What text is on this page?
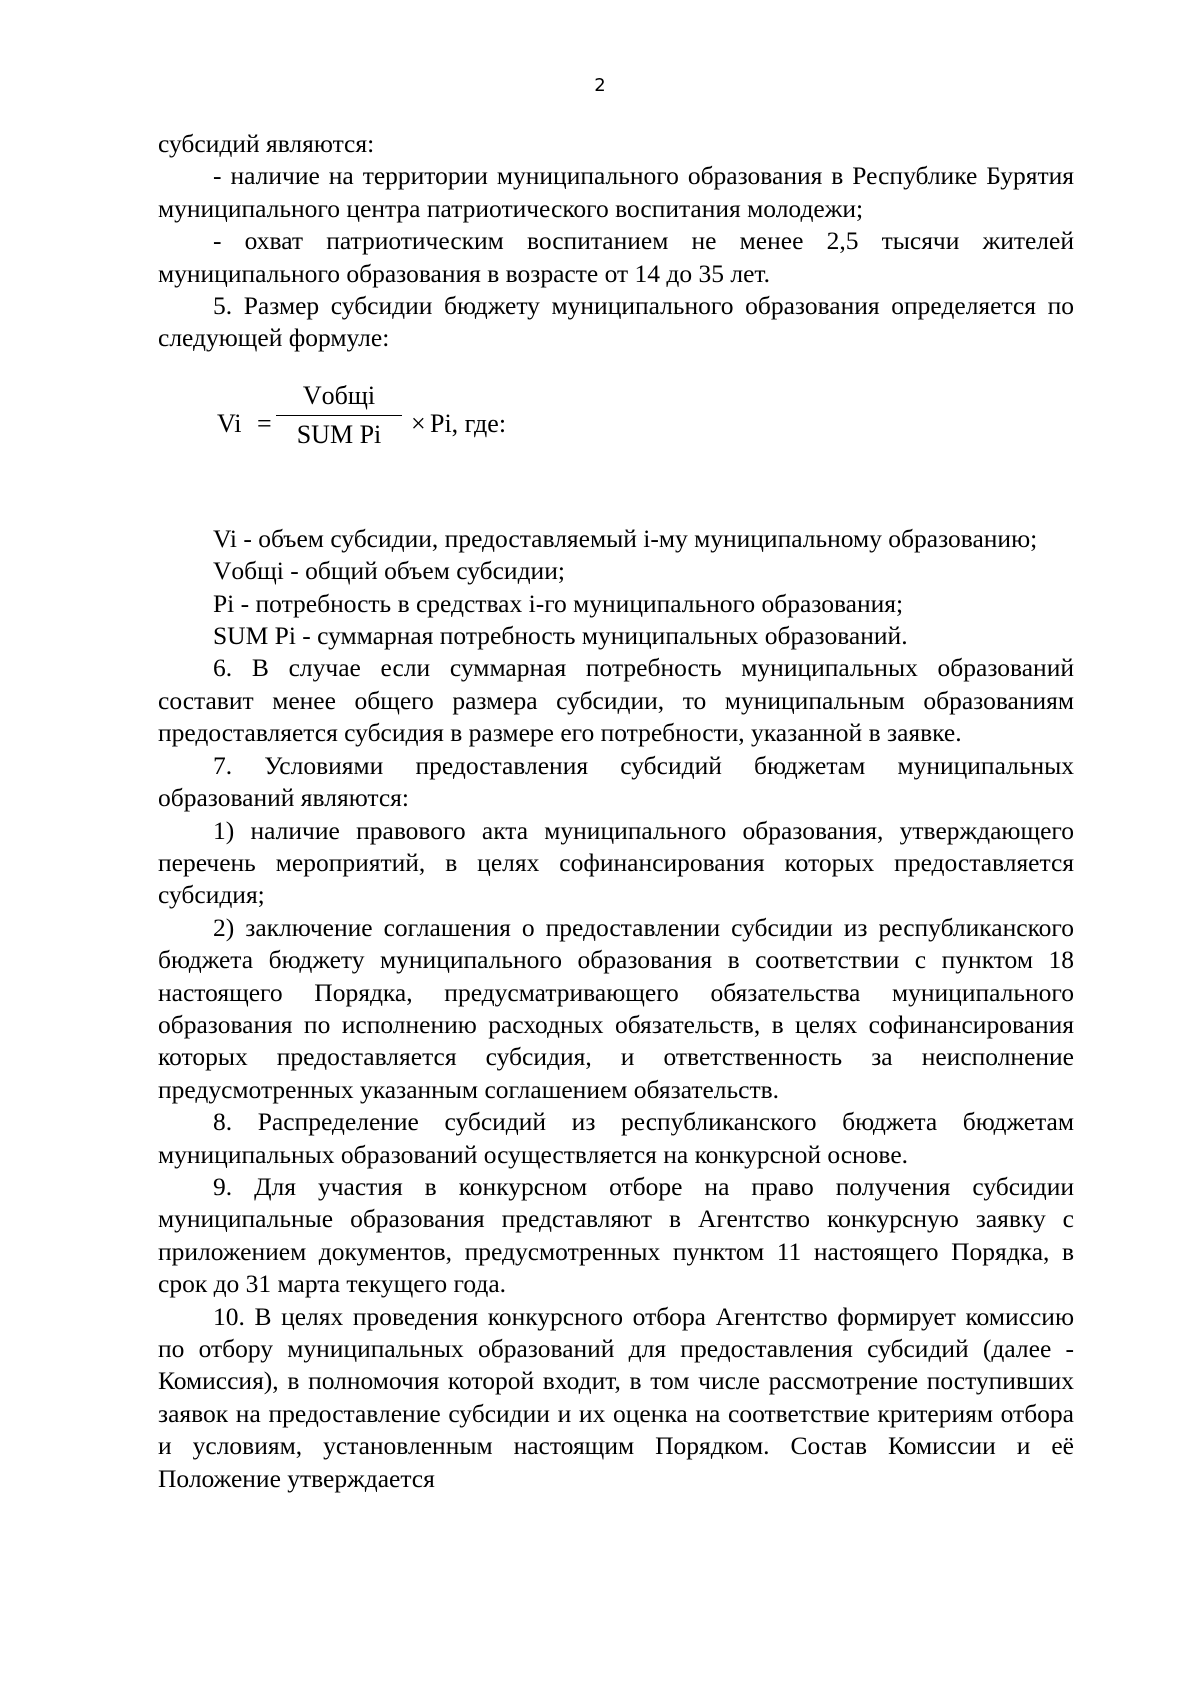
2

субсидий являются:

- наличие на территории муниципального образования в Республике Бурятия муниципального центра патриотического воспитания молодежи;

- охват патриотическим воспитанием не менее 2,5 тысячи жителей муниципального образования в возрасте от 14 до 35 лет.

5. Размер субсидии бюджету муниципального образования определяется по следующей формуле:

Vi =
Vобщi
SUM Pi	× Pi, где:

Vi - объем субсидии, предоставляемый i-му муниципальному образованию;

Vобщi - общий объем субсидии;

Pi - потребность в средствах i-го муниципального образования;

SUM Pi - суммарная потребность муниципальных образований.

6. В случае если суммарная потребность муниципальных образований составит менее общего размера субсидии, то муниципальным образованиям предоставляется субсидия в размере его потребности, указанной в заявке.

7. Условиями предоставления субсидий бюджетам муниципальных образований являются:

1) наличие правового акта муниципального образования, утверждающего перечень мероприятий, в целях софинансирования которых предоставляется субсидия;

2) заключение соглашения о предоставлении субсидии из республиканского бюджета бюджету муниципального образования в соответствии с пунктом 18 настоящего Порядка, предусматривающего обязательства муниципального образования по исполнению расходных обязательств, в целях софинансирования которых предоставляется субсидия, и ответственность за неисполнение предусмотренных указанным соглашением обязательств.

8. Распределение субсидий из республиканского бюджета бюджетам муниципальных образований осуществляется на конкурсной основе.

9. Для участия в конкурсном отборе на право получения субсидии муниципальные образования представляют в Агентство конкурсную заявку с приложением документов, предусмотренных пунктом 11 настоящего Порядка, в срок до 31 марта текущего года.

10. В целях проведения конкурсного отбора Агентство формирует комиссию по отбору муниципальных образований для предоставления субсидий (далее - Комиссия), в полномочия которой входит, в том числе рассмотрение поступивших заявок на предоставление субсидии и их оценка на соответствие критериям отбора и условиям, установленным настоящим Порядком. Состав Комиссии и её Положение утверждается
